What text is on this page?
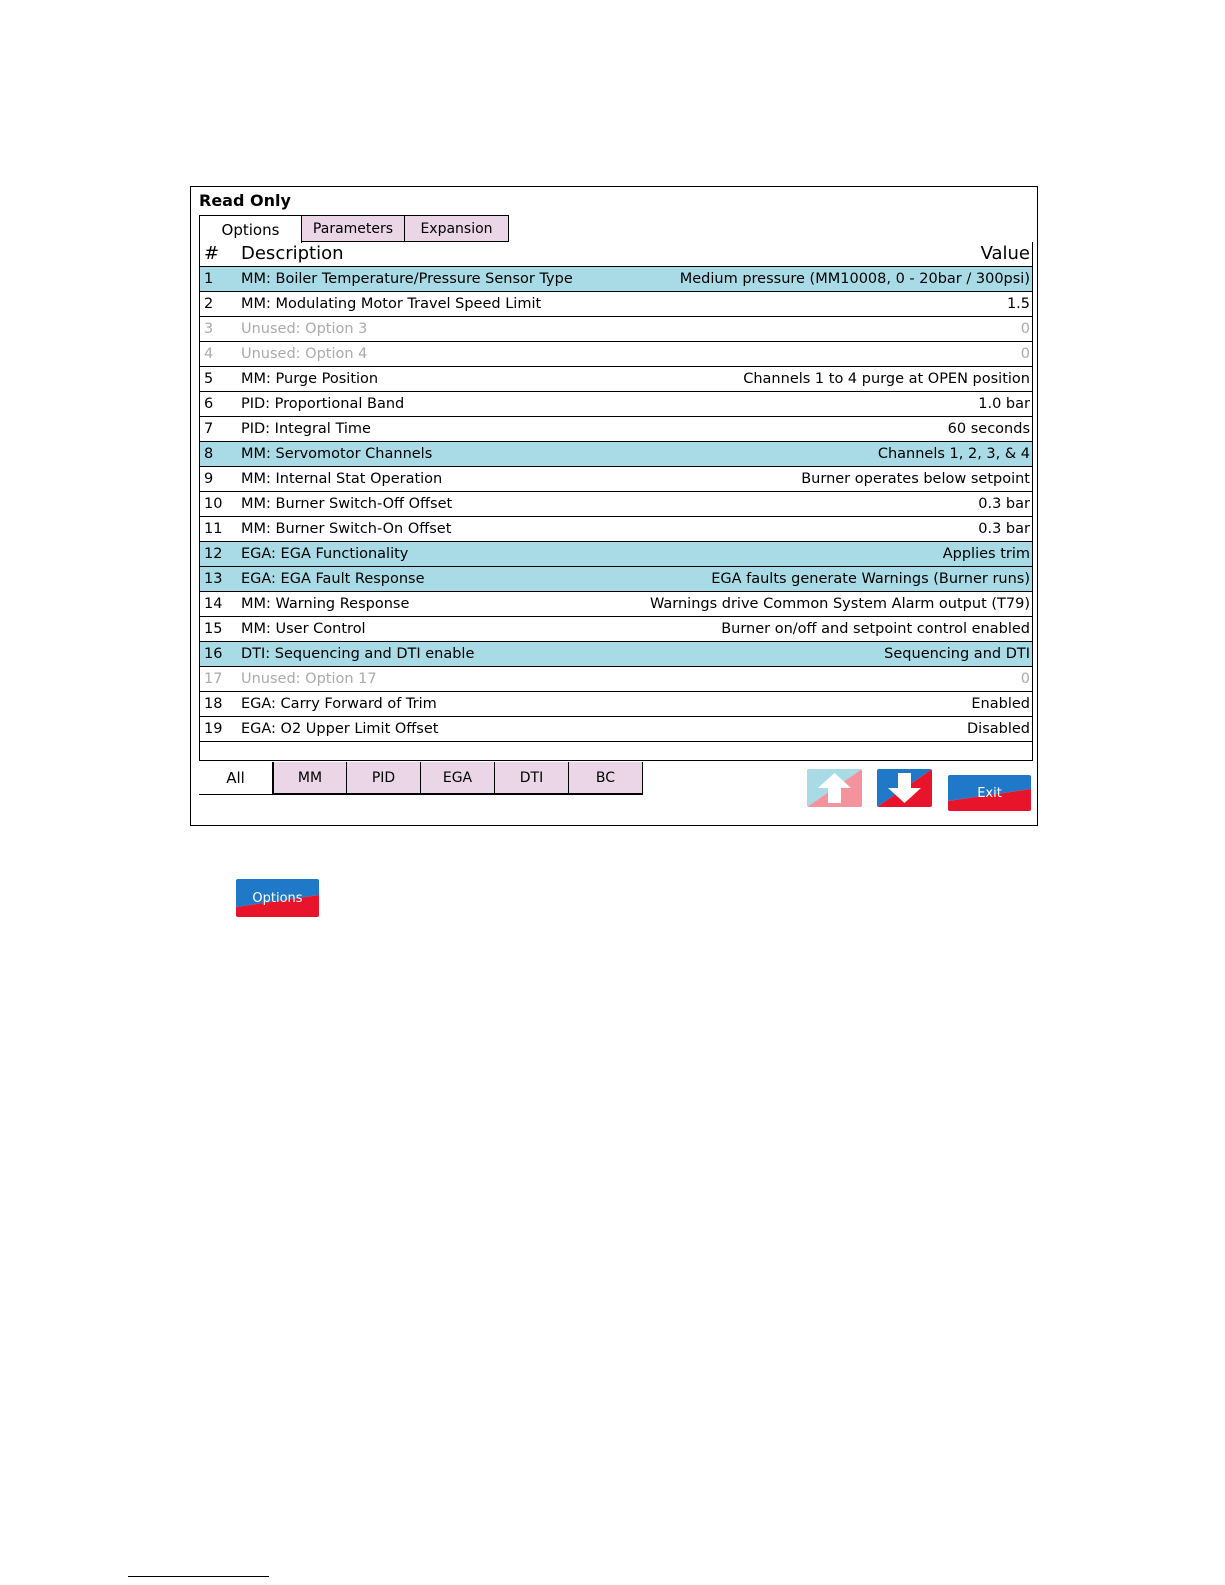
Read Only
Options	Parameters	Expansion
# Description	Value
1 MM: Boiler Temperature/Pressure Sensor Type	Medium pressure (MM10008, 0 - 20bar / 300psi)
2 MM: Modulating Motor Travel Speed Limit	1.5
3 Unused: Option 3	0
4 Unused: Option 4	0
5 MM: Purge Position	Channels 1 to 4 purge at OPEN position
6 PID: Proportional Band	1.0 bar
7 PID: Integral Time	60 seconds
8 MM: Servomotor Channels	Channels 1, 2, 3, & 4
9 MM: Internal Stat Operation	Burner operates below setpoint
10 MM: Burner Switch-Off Offset	0.3 bar
11 MM: Burner Switch-On Offset	0.3 bar
12 EGA: EGA Functionality	Applies trim
13 EGA: EGA Fault Response	EGA faults generate Warnings (Burner runs)
14 MM: Warning Response	Warnings drive Common System Alarm output (T79)
15 MM: User Control	Burner on/off and setpoint control enabled
16 DTI: Sequencing and DTI enable	Sequencing and DTI
17 Unused: Option 17	0
18 EGA: Carry Forward of Trim	Enabled
19 EGA: O2 Upper Limit Offset	Disabled
All	MM	PID	EGA	DTI	BC
Exit
Options
